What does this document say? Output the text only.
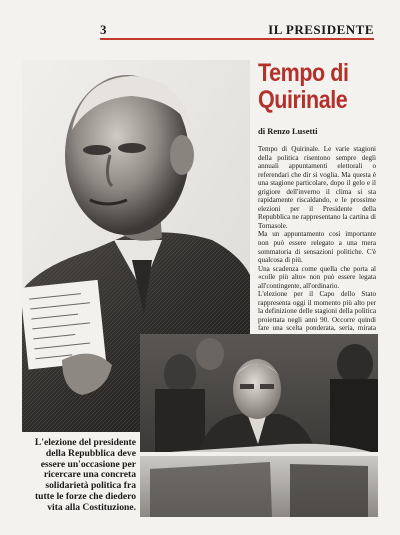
3	IL PRESIDENTE
Tempo di Quirinale
di Renzo Lusetti

Tempo di Quirinale. Le varie stagioni della politica risentono sempre degli annuali appuntamenti elettorali o referendari che dir si voglia. Ma questa è una stagione particolare, dopo il gelo e il grigiore dell'inverno il clima si sta rapidamente riscaldando, e le prossime elezioni per il Presidente della Repubblica ne rappresentano la cartina di Tornasole.

Ma un appuntamento così importante non può essere relegato a una mera sommatoria di sensazioni politiche. C'è qualcosa di più.

Una scadenza come quella che porta al «colle più alto» non può essere legata all'contingente, all'ordinario.

L'elezione per il Capo dello Stato rappresenta oggi il momento più alto per la definizione delle stagioni della politica proiettata negli anni 90. Occorre quindi fare una scelta ponderata, seria, mirata

L'elezione del presidente della Repubblica deve essere un'occasione per ricercare una concreta solidarietà politica fra tutte le forze che diedero vita alla Costituzione.
